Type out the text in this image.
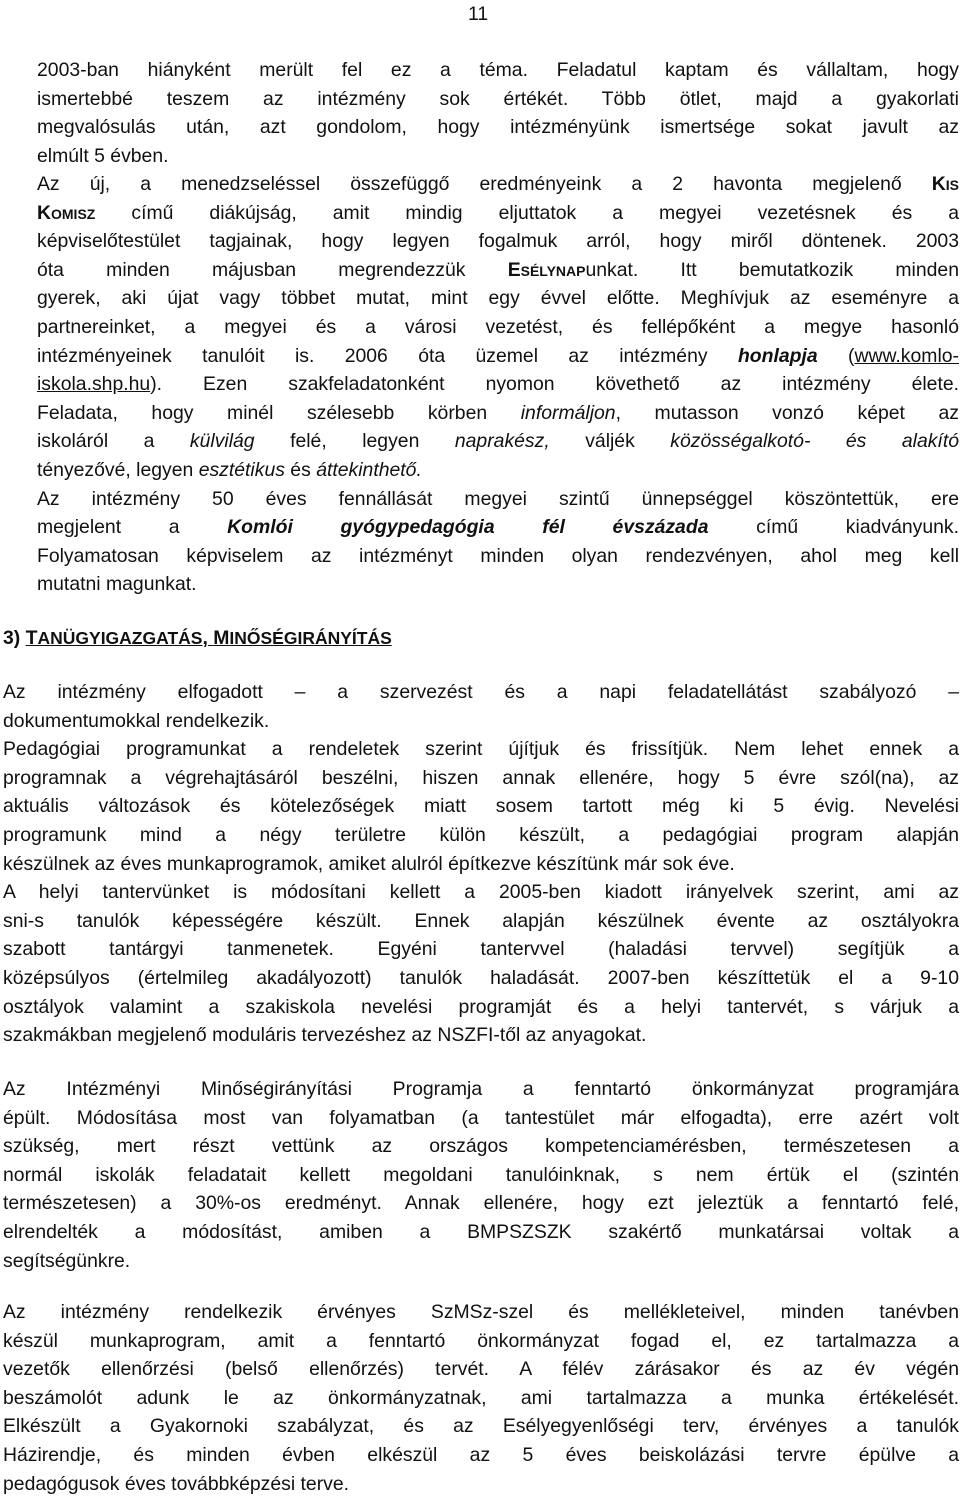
11
2003-ban hiányként merült fel ez a téma. Feladatul kaptam és vállaltam, hogy
ismertebbé teszem az intézmény sok értékét. Több ötlet, majd a gyakorlati
megvalósulás után, azt gondolom, hogy intézményünk ismertsége sokat javult az
elmúlt 5 évben.
Az új, a menedzseléssel összefüggő eredményeink a 2 havonta megjelenő Kis
Komisz című diákújság, amit mindig eljuttatok a megyei vezetésnek és a
képviselőtestület tagjainak, hogy legyen fogalmuk arról, hogy miről döntenek. 2003
óta minden májusban megrendezzük Esélynapunkat. Itt bemutatkozik minden
gyerek, aki újat vagy többet mutat, mint egy évvel előtte. Meghívjuk az eseményre a
partnereinket, a megyei és a városi vezetést, és fellépőként a megye hasonló
intézményeinek tanulóit is. 2006 óta üzemel az intézmény honlapja (www.komlo-
iskola.shp.hu). Ezen szakfeladatonként nyomon követhető az intézmény élete.
Feladata, hogy minél szélesebb körben informáljon, mutasson vonzó képet az
iskoláról a külvilág felé, legyen naprakész, váljék közösségalkotó- és alakító
tényezővé, legyen esztétikus és áttekinthető.
Az intézmény 50 éves fennállását megyei szintű ünnepséggel köszöntettük, ere
megjelent a Komlói gyógypedagógia fél évszázada című kiadványunk.
Folyamatosan képviselem az intézményt minden olyan rendezvényen, ahol meg kell
mutatni magunkat.
3) TANÜGYIGAZGATÁS, MINŐSÉGIRÁNYÍTÁS
Az intézmény elfogadott – a szervezést és a napi feladatellátást szabályozó –
dokumentumokkal rendelkezik.
Pedagógiai programunkat a rendeletek szerint újítjuk és frissítjük. Nem lehet ennek a
programnak a végrehajtásáról beszélni, hiszen annak ellenére, hogy 5 évre szól(na), az
aktuális változások és kötelezőségek miatt sosem tartott még ki 5 évig. Nevelési
programunk mind a négy területre külön készült, a pedagógiai program alapján
készülnek az éves munkaprogramok, amiket alulról építkezve készítünk már sok éve.
A helyi tantervünket is módosítani kellett a 2005-ben kiadott irányelvek szerint, ami az
sni-s tanulók képességére készült. Ennek alapján készülnek évente az osztályokra
szabott tantárgyi tanmenetek. Egyéni tantervvel (haladási tervvel) segítjük a
középsúlyos (értelmileg akadályozott) tanulók haladását. 2007-ben készíttetük el a 9-10
osztályok valamint a szakiskola nevelési programját és a helyi tantervét, s várjuk a
szakmákban megjelenő moduláris tervezéshez az NSZFI-től az anyagokat.
Az Intézményi Minőségirányítási Programja a fenntartó önkormányzat programjára
épült. Módosítása most van folyamatban (a tantestület már elfogadta), erre azért volt
szükség, mert részt vettünk az országos kompetenciamérésben, természetesen a
normál iskolák feladatait kellett megoldani tanulóinknak, s nem értük el (szintén
természetesen) a 30%-os eredményt. Annak ellenére, hogy ezt jeleztük a fenntartó felé,
elrendelték a módosítást, amiben a BMPSZSZK szakértő munkatársai voltak a
segítségünkre.
Az intézmény rendelkezik érvényes SzMSz-szel és mellékleteivel, minden tanévben
készül munkaprogram, amit a fenntartó önkormányzat fogad el, ez tartalmazza a
vezetők ellenőrzési (belső ellenőrzés) tervét. A félév zárásakor és az év végén
beszámolót adunk le az önkormányzatnak, ami tartalmazza a munka értékelését.
Elkészült a Gyakornoki szabályzat, és az Esélyegyenlőségi terv, érvényes a tanulók
Házirendje, és minden évben elkészül az 5 éves beiskolázási tervre épülve a
pedagógusok éves továbbképzési terve.
